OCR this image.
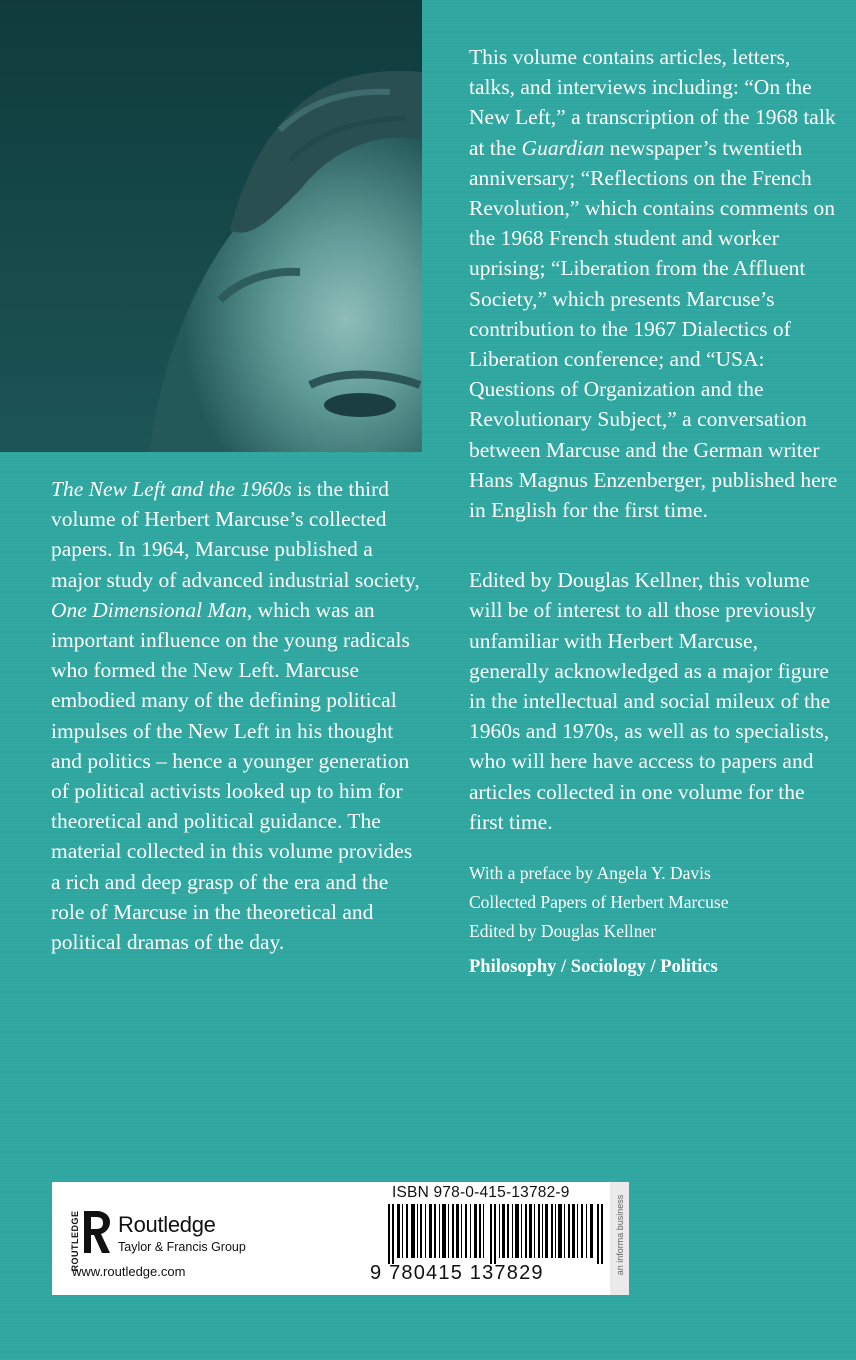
The New Left and the 1960s is the third volume of Herbert Marcuse’s collected papers. In 1964, Marcuse published a major study of advanced industrial society, One Dimensional Man, which was an important influence on the young radicals who formed the New Left. Marcuse embodied many of the defining political impulses of the New Left in his thought and politics – hence a younger generation of political activists looked up to him for theoretical and political guidance. The material collected in this volume provides a rich and deep grasp of the era and the role of Marcuse in the theoretical and political dramas of the day.

This volume contains articles, letters, talks, and interviews including: “On the New Left,” a transcription of the 1968 talk at the Guardian newspaper’s twentieth anniversary; “Reflections on the French Revolution,” which contains comments on the 1968 French student and worker uprising; “Liberation from the Affluent Society,” which presents Marcuse’s contribution to the 1967 Dialectics of Liberation conference; and “USA: Questions of Organization and the Revolutionary Subject,” a conversation between Marcuse and the German writer Hans Magnus Enzenberger, published here in English for the first time.

Edited by Douglas Kellner, this volume will be of interest to all those previously unfamiliar with Herbert Marcuse, generally acknowledged as a major figure in the intellectual and social mileux of the 1960s and 1970s, as well as to specialists, who will here have access to papers and articles collected in one volume for the first time.

With a preface by Angela Y. Davis
Collected Papers of Herbert Marcuse
Edited by Douglas Kellner
Philosophy / Sociology / Politics
ROUTLEDGE Routledge
Taylor & Francis Group
www.routledge.com
ISBN 978-0-415-13782-9
9 780415 137829	an informa business
